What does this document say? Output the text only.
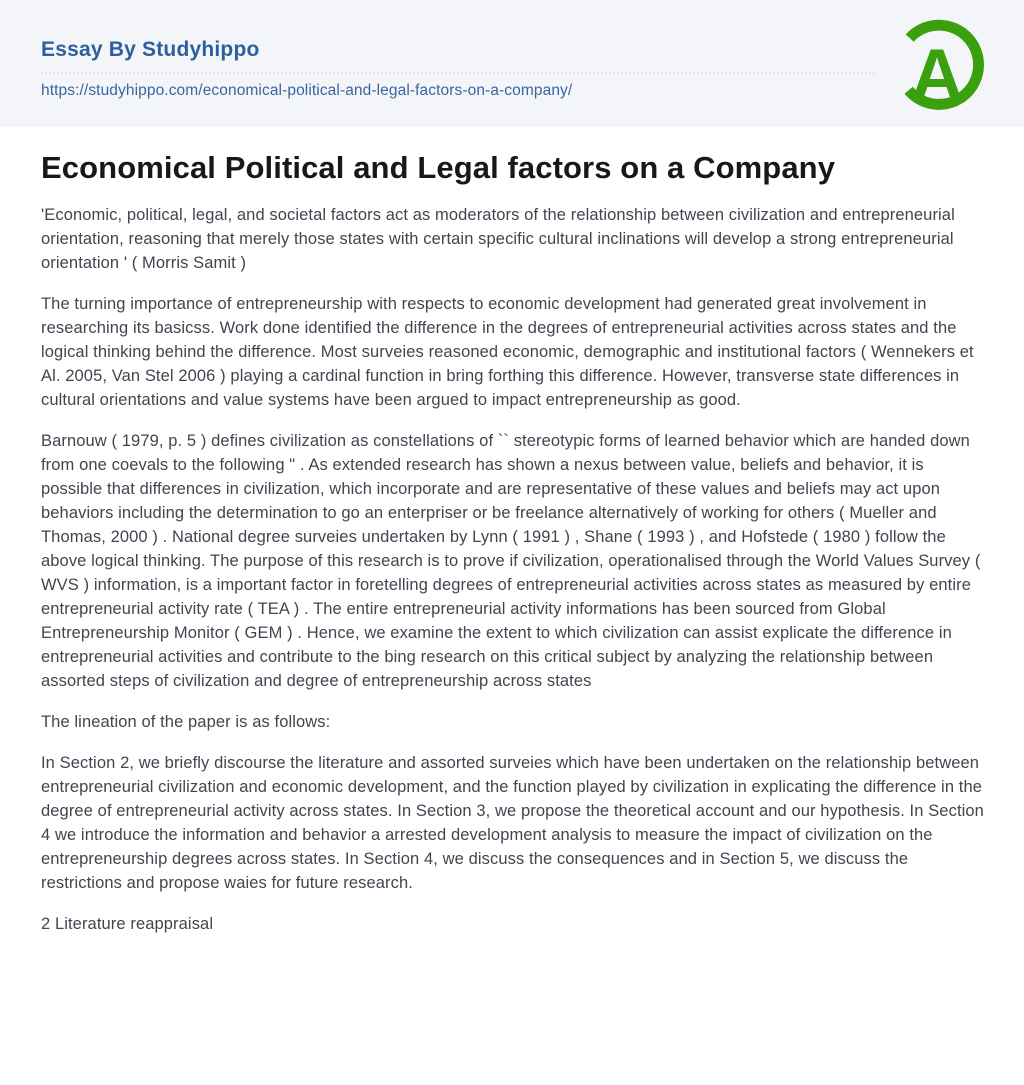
Essay By Studyhippo
https://studyhippo.com/economical-political-and-legal-factors-on-a-company/	A
Economical Political and Legal factors on a Company

'Economic, political, legal, and societal factors act as moderators of the relationship between civilization and entrepreneurial orientation, reasoning that merely those states with certain specific cultural inclinations will develop a strong entrepreneurial orientation ' ( Morris Samit )

The turning importance of entrepreneurship with respects to economic development had generated great involvement in researching its basicss. Work done identified the difference in the degrees of entrepreneurial activities across states and the logical thinking behind the difference. Most surveies reasoned economic, demographic and institutional factors ( Wennekers et Al. 2005, Van Stel 2006 ) playing a cardinal function in bring forthing this difference. However, transverse state differences in cultural orientations and value systems have been argued to impact entrepreneurship as good.

Barnouw ( 1979, p. 5 ) defines civilization as constellations of `` stereotypic forms of learned behavior which are handed down from one coevals to the following " . As extended research has shown a nexus between value, beliefs and behavior, it is possible that differences in civilization, which incorporate and are representative of these values and beliefs may act upon behaviors including the determination to go an enterpriser or be freelance alternatively of working for others ( Mueller and Thomas, 2000 ) . National degree surveies undertaken by Lynn ( 1991 ) , Shane ( 1993 ) , and Hofstede ( 1980 ) follow the above logical thinking. The purpose of this research is to prove if civilization, operationalised through the World Values Survey ( WVS ) information, is a important factor in foretelling degrees of entrepreneurial activities across states as measured by entire entrepreneurial activity rate ( TEA ) . The entire entrepreneurial activity informations has been sourced from Global Entrepreneurship Monitor ( GEM ) . Hence, we examine the extent to which civilization can assist explicate the difference in entrepreneurial activities and contribute to the bing research on this critical subject by analyzing the relationship between assorted steps of civilization and degree of entrepreneurship across states

The lineation of the paper is as follows:

In Section 2, we briefly discourse the literature and assorted surveies which have been undertaken on the relationship between entrepreneurial civilization and economic development, and the function played by civilization in explicating the difference in the degree of entrepreneurial activity across states. In Section 3, we propose the theoretical account and our hypothesis. In Section 4 we introduce the information and behavior a arrested development analysis to measure the impact of civilization on the entrepreneurship degrees across states. In Section 4, we discuss the consequences and in Section 5, we discuss the restrictions and propose waies for future research.

2 Literature reappraisal
